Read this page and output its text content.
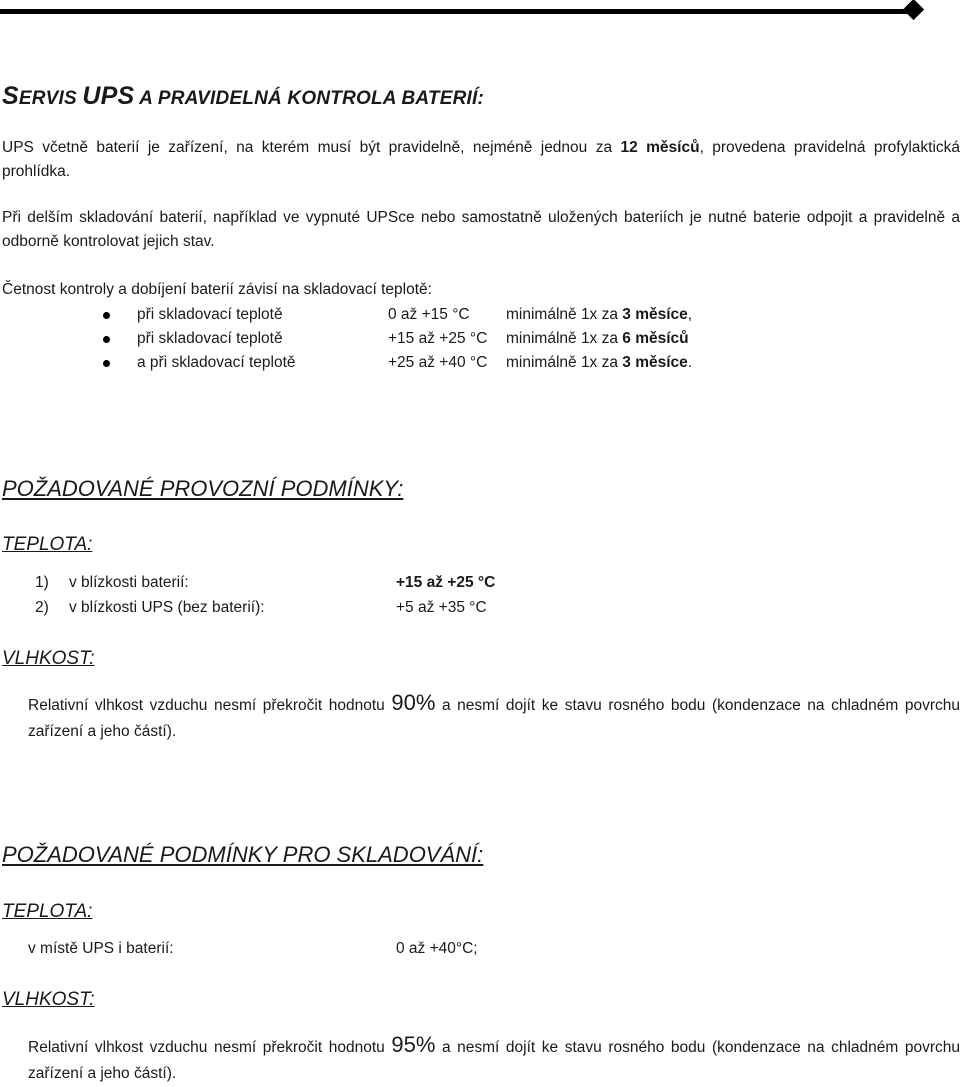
SERVIS UPS A PRAVIDELNÁ KONTROLA BATERIÍ:
UPS včetně baterií je zařízení, na kterém musí být pravidelně, nejméně jednou za 12 měsíců, provedena pravidelná profylaktická prohlídka.
Při delším skladování baterií, například ve vypnuté UPSce nebo samostatně uložených bateriích je nutné baterie odpojit a pravidelně a odborně kontrolovat jejich stav.
Četnost kontroly a dobíjení baterií závisí na skladovací teplotě:
při skladovací teplotě	0 až +15 °C minimálně 1x za 3 měsíce,
při skladovací teplotě	+15 až +25 °C minimálně 1x za 6 měsíců
a při skladovací teplotě	+25 až +40 °C minimálně 1x za 3 měsíce.
POŽADOVANÉ PROVOZNÍ PODMÍNKY:
TEPLOTA:
1) v blízkosti baterií:	+15 až +25 °C
2) v blízkosti UPS (bez baterií):	+5 až +35 °C
VLHKOST:
Relativní vlhkost vzduchu nesmí překročit hodnotu 90% a nesmí dojít ke stavu rosného bodu (kondenzace na chladném povrchu zařízení a jeho částí).
POŽADOVANÉ PODMÍNKY PRO SKLADOVÁNÍ:
TEPLOTA:
v místě UPS i baterií:	0 až +40°C;
VLHKOST:
Relativní vlhkost vzduchu nesmí překročit hodnotu 95% a nesmí dojít ke stavu rosného bodu (kondenzace na chladném povrchu zařízení a jeho částí).
